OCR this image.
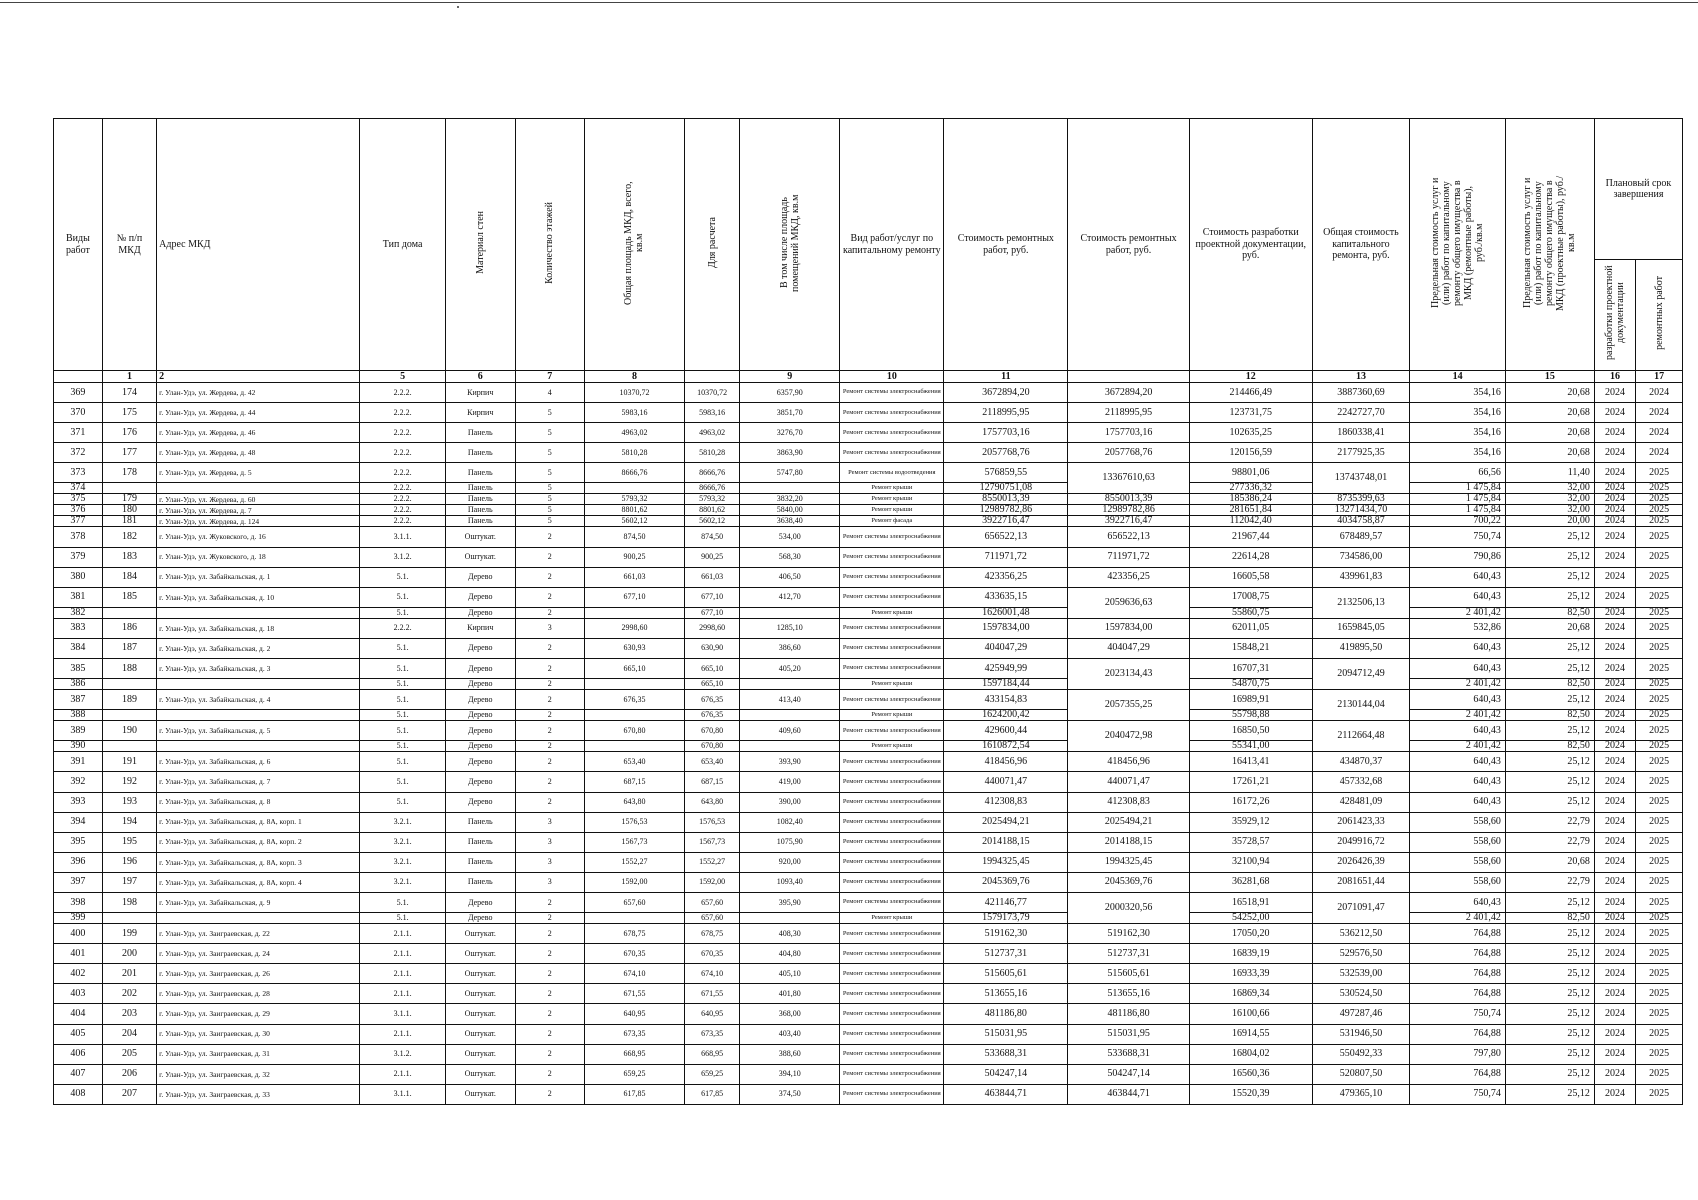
Виды работ	№ п/п МКД	Адрес МКД	Тип дома	Материал стен	Количество этажей	Общая площадь МКД, всего, кв.м	Для расчета	В том числе площадь помещений МКД, кв.м	Вид работ/услуг по капитальному ремонту	Стоимость ремонтных работ, руб.	Стоимость ремонтных работ, руб.	Стоимость разработки проектной документации, руб.	Общая стоимость капитального ремонта, руб.	Предельная стоимость услуг и (или) работ по капитальному ремонту общего имущества в МКД (ремонтные работы), руб./кв.м	Предельная стоимость услуг и (или) работ по капитальному ремонту общего имущества в МКД (проектные работы), руб./кв.м	Плановый срок завершения	
																разработки проектной документации	ремонтных работ
	1	2	5	6	7	8		9	10	11		12	13	14	15	16	17
369	174	г. Улан-Удэ, ул. Жердева, д. 42	2.2.2.	Кирпич	4	10370,72	10370,72	6357,90	Ремонт системы электроснабжения	3672894,20	3672894,20	214466,49	3887360,69	354,16	20,68	2024	2024
370	175	г. Улан-Удэ, ул. Жердева, д. 44	2.2.2.	Кирпич	5	5983,16	5983,16	3851,70	Ремонт системы электроснабжения	2118995,95	2118995,95	123731,75	2242727,70	354,16	20,68	2024	2024
371	176	г. Улан-Удэ, ул. Жердева, д. 46	2.2.2.	Панель	5	4963,02	4963,02	3276,70	Ремонт системы электроснабжения	1757703,16	1757703,16	102635,25	1860338,41	354,16	20,68	2024	2024
372	177	г. Улан-Удэ, ул. Жердева, д. 48	2.2.2.	Панель	5	5810,28	5810,28	3863,90	Ремонт системы электроснабжения	2057768,76	2057768,76	120156,59	2177925,35	354,16	20,68	2024	2024
373	178	г. Улан-Удэ, ул. Жердева, д. 5	2.2.2.	Панель	5	8666,76	8666,76	5747,80	Ремонт системы водоотведения	576859,55	13367610,63	98801,06	13743748,01	66,56	11,40	2024	2025
374			2.2.2.	Панель	5		8666,76		Ремонт крыши	12790751,08		277336,32		1 475,84	32,00	2024	2025
375	179	г. Улан-Удэ, ул. Жердева, д. 60	2.2.2.	Панель	5	5793,32	5793,32	3832,20	Ремонт крыши	8550013,39	8550013,39	185386,24	8735399,63	1 475,84	32,00	2024	2025
376	180	г. Улан-Удэ, ул. Жердева, д. 7	2.2.2.	Панель	5	8801,62	8801,62	5840,00	Ремонт крыши	12989782,86	12989782,86	281651,84	13271434,70	1 475,84	32,00	2024	2025
377	181	г. Улан-Удэ, ул. Жердева, д. 124	2.2.2.	Панель	5	5602,12	5602,12	3638,40	Ремонт фасада	3922716,47	3922716,47	112042,40	4034758,87	700,22	20,00	2024	2025
378	182	г. Улан-Удэ, ул. Жуковского, д. 16	3.1.1.	Оштукат.	2	874,50	874,50	534,00	Ремонт системы электроснабжения	656522,13	656522,13	21967,44	678489,57	750,74	25,12	2024	2025
379	183	г. Улан-Удэ, ул. Жуковского, д. 18	3.1.2.	Оштукат.	2	900,25	900,25	568,30	Ремонт системы электроснабжения	711971,72	711971,72	22614,28	734586,00	790,86	25,12	2024	2025
380	184	г. Улан-Удэ, ул. Забайкальская, д. 1	5.1.	Дерево	2	661,03	661,03	406,50	Ремонт системы электроснабжения	423356,25	423356,25	16605,58	439961,83	640,43	25,12	2024	2025
381	185	г. Улан-Удэ, ул. Забайкальская, д. 10	5.1.	Дерево	2	677,10	677,10	412,70	Ремонт системы электроснабжения	433635,15	2059636,63	17008,75	2132506,13	640,43	25,12	2024	2025
382			5.1.	Дерево	2		677,10		Ремонт крыши	1626001,48		55860,75		2 401,42	82,50	2024	2025
383	186	г. Улан-Удэ, ул. Забайкальская, д. 18	2.2.2.	Кирпич	3	2998,60	2998,60	1285,10	Ремонт системы электроснабжения	1597834,00	1597834,00	62011,05	1659845,05	532,86	20,68	2024	2025
384	187	г. Улан-Удэ, ул. Забайкальская, д. 2	5.1.	Дерево	2	630,93	630,90	386,60	Ремонт системы электроснабжения	404047,29	404047,29	15848,21	419895,50	640,43	25,12	2024	2025
385	188	г. Улан-Удэ, ул. Забайкальская, д. 3	5.1.	Дерево	2	665,10	665,10	405,20	Ремонт системы электроснабжения	425949,99	2023134,43	16707,31	2094712,49	640,43	25,12	2024	2025
386			5.1.	Дерево	2		665,10		Ремонт крыши	1597184,44		54870,75		2 401,42	82,50	2024	2025
387	189	г. Улан-Удэ, ул. Забайкальская, д. 4	5.1.	Дерево	2	676,35	676,35	413,40	Ремонт системы электроснабжения	433154,83	2057355,25	16989,91	2130144,04	640,43	25,12	2024	2025
388			5.1.	Дерево	2		676,35		Ремонт крыши	1624200,42		55798,88		2 401,42	82,50	2024	2025
389	190	г. Улан-Удэ, ул. Забайкальская, д. 5	5.1.	Дерево	2	670,80	670,80	409,60	Ремонт системы электроснабжения	429600,44	2040472,98	16850,50	2112664,48	640,43	25,12	2024	2025
390			5.1.	Дерево	2		670,80		Ремонт крыши	1610872,54		55341,00		2 401,42	82,50	2024	2025
391	191	г. Улан-Удэ, ул. Забайкальская, д. 6	5.1.	Дерево	2	653,40	653,40	393,90	Ремонт системы электроснабжения	418456,96	418456,96	16413,41	434870,37	640,43	25,12	2024	2025
392	192	г. Улан-Удэ, ул. Забайкальская, д. 7	5.1.	Дерево	2	687,15	687,15	419,00	Ремонт системы электроснабжения	440071,47	440071,47	17261,21	457332,68	640,43	25,12	2024	2025
393	193	г. Улан-Удэ, ул. Забайкальская, д. 8	5.1.	Дерево	2	643,80	643,80	390,00	Ремонт системы электроснабжения	412308,83	412308,83	16172,26	428481,09	640,43	25,12	2024	2025
394	194	г. Улан-Удэ, ул. Забайкальская, д. 8А, корп. 1	3.2.1.	Панель	3	1576,53	1576,53	1082,40	Ремонт системы электроснабжения	2025494,21	2025494,21	35929,12	2061423,33	558,60	22,79	2024	2025
395	195	г. Улан-Удэ, ул. Забайкальская, д. 8А, корп. 2	3.2.1.	Панель	3	1567,73	1567,73	1075,90	Ремонт системы электроснабжения	2014188,15	2014188,15	35728,57	2049916,72	558,60	22,79	2024	2025
396	196	г. Улан-Удэ, ул. Забайкальская, д. 8А, корп. 3	3.2.1.	Панель	3	1552,27	1552,27	920,00	Ремонт системы электроснабжения	1994325,45	1994325,45	32100,94	2026426,39	558,60	20,68	2024	2025
397	197	г. Улан-Удэ, ул. Забайкальская, д. 8А, корп. 4	3.2.1.	Панель	3	1592,00	1592,00	1093,40	Ремонт системы электроснабжения	2045369,76	2045369,76	36281,68	2081651,44	558,60	22,79	2024	2025
398	198	г. Улан-Удэ, ул. Забайкальская, д. 9	5.1.	Дерево	2	657,60	657,60	395,90	Ремонт системы электроснабжения	421146,77	2000320,56	16518,91	2071091,47	640,43	25,12	2024	2025
399			5.1.	Дерево	2		657,60		Ремонт крыши	1579173,79		54252,00		2 401,42	82,50	2024	2025
400	199	г. Улан-Удэ, ул. Заиграевская, д. 22	2.1.1.	Оштукат.	2	678,75	678,75	408,30	Ремонт системы электроснабжения	519162,30	519162,30	17050,20	536212,50	764,88	25,12	2024	2025
401	200	г. Улан-Удэ, ул. Заиграевская, д. 24	2.1.1.	Оштукат.	2	670,35	670,35	404,80	Ремонт системы электроснабжения	512737,31	512737,31	16839,19	529576,50	764,88	25,12	2024	2025
402	201	г. Улан-Удэ, ул. Заиграевская, д. 26	2.1.1.	Оштукат.	2	674,10	674,10	405,10	Ремонт системы электроснабжения	515605,61	515605,61	16933,39	532539,00	764,88	25,12	2024	2025
403	202	г. Улан-Удэ, ул. Заиграевская, д. 28	2.1.1.	Оштукат.	2	671,55	671,55	401,80	Ремонт системы электроснабжения	513655,16	513655,16	16869,34	530524,50	764,88	25,12	2024	2025
404	203	г. Улан-Удэ, ул. Заиграевская, д. 29	3.1.1.	Оштукат.	2	640,95	640,95	368,00	Ремонт системы электроснабжения	481186,80	481186,80	16100,66	497287,46	750,74	25,12	2024	2025
405	204	г. Улан-Удэ, ул. Заиграевская, д. 30	2.1.1.	Оштукат.	2	673,35	673,35	403,40	Ремонт системы электроснабжения	515031,95	515031,95	16914,55	531946,50	764,88	25,12	2024	2025
406	205	г. Улан-Удэ, ул. Заиграевская, д. 31	3.1.2.	Оштукат.	2	668,95	668,95	388,60	Ремонт системы электроснабжения	533688,31	533688,31	16804,02	550492,33	797,80	25,12	2024	2025
407	206	г. Улан-Удэ, ул. Заиграевская, д. 32	2.1.1.	Оштукат.	2	659,25	659,25	394,10	Ремонт системы электроснабжения	504247,14	504247,14	16560,36	520807,50	764,88	25,12	2024	2025
408	207	г. Улан-Удэ, ул. Заиграевская, д. 33	3.1.1.	Оштукат.	2	617,85	617,85	374,50	Ремонт системы электроснабжения	463844,71	463844,71	15520,39	479365,10	750,74	25,12	2024	2025
